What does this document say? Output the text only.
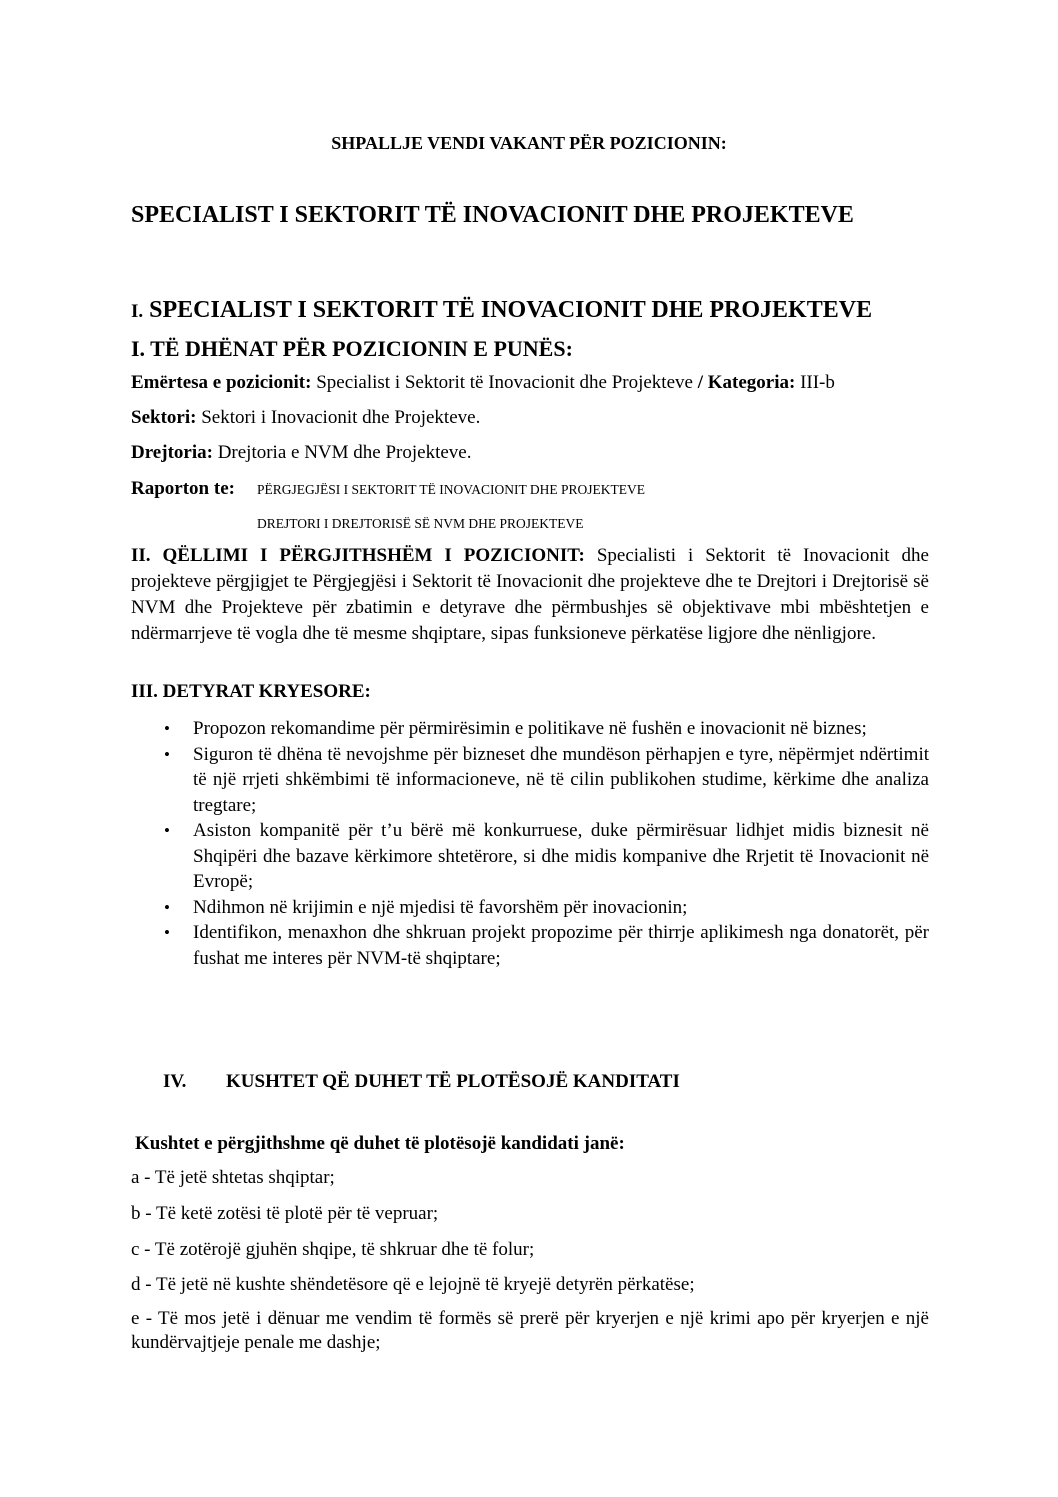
SHPALLJE VENDI VAKANT PËR POZICIONIN:

SPECIALIST I SEKTORIT TË INOVACIONIT DHE PROJEKTEVE

I. SPECIALIST I SEKTORIT TË INOVACIONIT DHE PROJEKTEVE

I. TË DHËNAT PËR POZICIONIN E PUNËS:

Emërtesa e pozicionit: Specialist i Sektorit të Inovacionit dhe Projekteve / Kategoria: III-b

Sektori: Sektori i Inovacionit dhe Projekteve.

Drejtoria: Drejtoria e NVM dhe Projekteve.

Raporton te: PËRGJEGJËSI I SEKTORIT TË INOVACIONIT DHE PROJEKTEVE

DREJTORI I DREJTORISË SË NVM DHE PROJEKTEVE

II. QËLLIMI I PËRGJITHSHËM I POZICIONIT: Specialisti i Sektorit të Inovacionit dhe projekteve përgjigjet te Përgjegjësi i Sektorit të Inovacionit dhe projekteve dhe te Drejtori i Drejtorisë së NVM dhe Projekteve për zbatimin e detyrave dhe përmbushjes së objektivave mbi mbështetjen e ndërmarrjeve të vogla dhe të mesme shqiptare, sipas funksioneve përkatëse ligjore dhe nënligjore.

III. DETYRAT KRYESORE:

• Propozon rekomandime për përmirësimin e politikave në fushën e inovacionit në biznes;
• Siguron të dhëna të nevojshme për bizneset dhe mundëson përhapjen e tyre, nëpërmjet ndërtimit të një rrjeti shkëmbimi të informacioneve, në të cilin publikohen studime, kërkime dhe analiza tregtare;
• Asiston kompanitë për t’u bërë më konkurruese, duke përmirësuar lidhjet midis biznesit në Shqipëri dhe bazave kërkimore shtetërore, si dhe midis kompanive dhe Rrjetit të Inovacionit në Evropë;
• Ndihmon në krijimin e një mjedisi të favorshëm për inovacionin;
• Identifikon, menaxhon dhe shkruan projekt propozime për thirrje aplikimesh nga donatorët, për fushat me interes për NVM-të shqiptare;

IV. KUSHTET QË DUHET TË PLOTËSOJË KANDITATI

Kushtet e përgjithshme që duhet të plotësojë kandidati janë:

a - Të jetë shtetas shqiptar;

b - Të ketë zotësi të plotë për të vepruar;

c - Të zotërojë gjuhën shqipe, të shkruar dhe të folur;

d - Të jetë në kushte shëndetësore që e lejojnë të kryejë detyrën përkatëse;

e - Të mos jetë i dënuar me vendim të formës së prerë për kryerjen e një krimi apo për kryerjen e një kundërvajtjeje penale me dashje;
